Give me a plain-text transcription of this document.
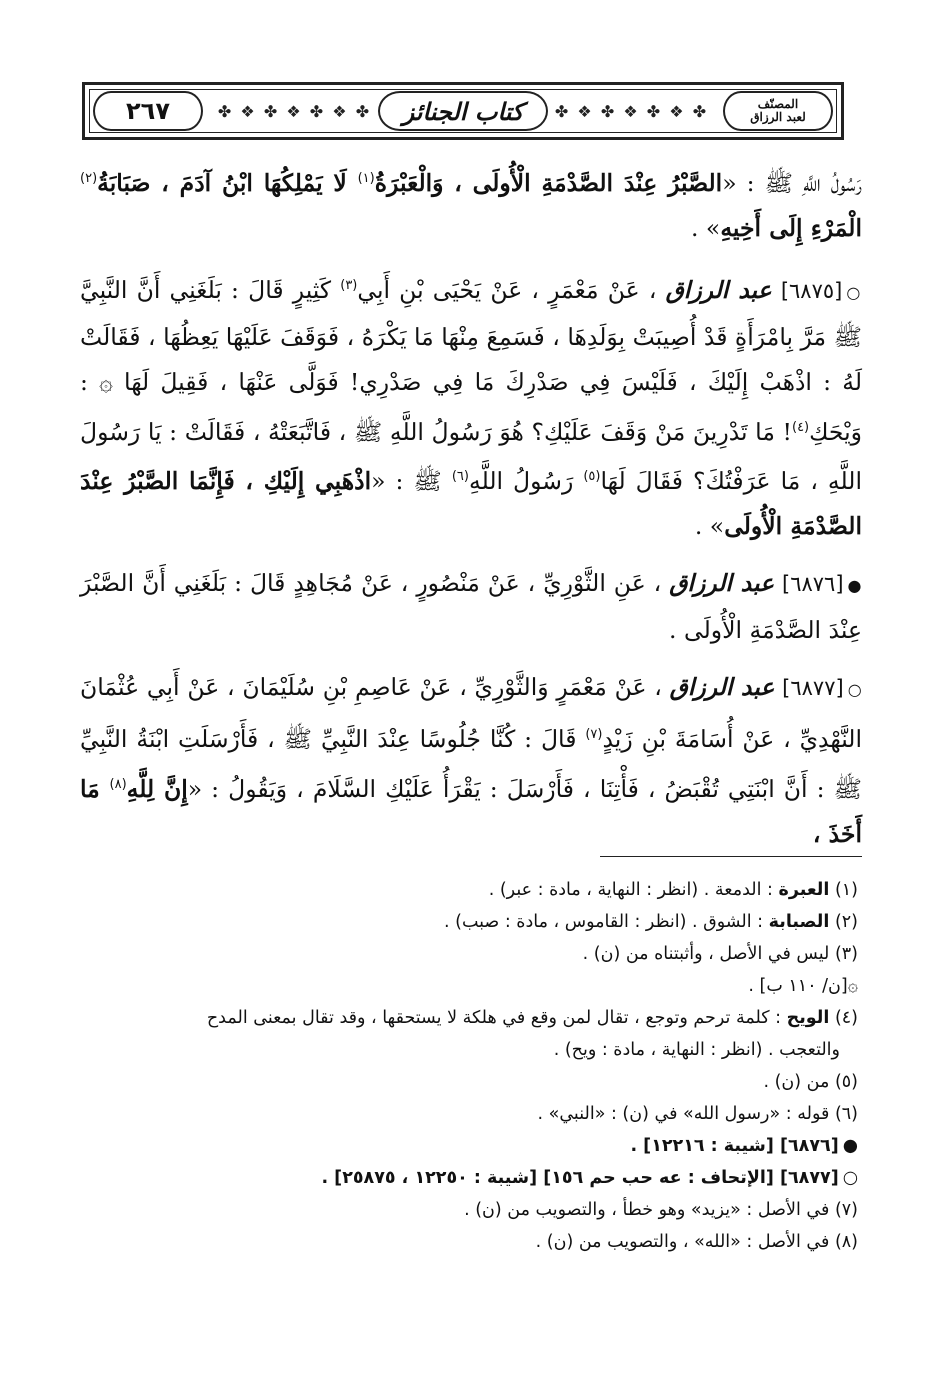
المصنّف
لعبد الرزاق
✤ ❖ ✤ ❖ ✤ ❖ ✤
كتاب الجنائز
✤ ❖ ✤ ❖ ✤ ❖ ✤
٢٦٧

رَسُولُ اللَّهِ ﷺ : «الصَّبْرُ عِنْدَ الصَّدْمَةِ الْأُولَى ، وَالْعَبْرَةُ$^{(١)}$ لَا يَمْلِكُهَا ابْنُ آدَمَ ، صَبَابَةُ$^{(٢)}$ الْمَرْءِ إِلَى أَخِيهِ» .

○[٦٨٧٥] عبد الرزاق ، عَنْ مَعْمَرٍ ، عَنْ يَحْيَى بْنِ أَبِي$^{(٣)}$ كَثِيرٍ قَالَ : بَلَغَنِي أَنَّ النَّبِيَّ ﷺ مَرَّ بِامْرَأَةٍ قَدْ أُصِيبَتْ بِوَلَدِهَا ، فَسَمِعَ مِنْهَا مَا يَكْرَهُ ، فَوَقَفَ عَلَيْهَا يَعِظُهَا ، فَقَالَتْ لَهُ : اذْهَبْ إِلَيْكَ ، فَلَيْسَ فِي صَدْرِكَ مَا فِي صَدْرِي! فَوَلَّى عَنْهَا ، فَقِيلَ لَهَا ۞ : وَيْحَكِ$^{(٤)}$! مَا تَدْرِينَ مَنْ وَقَفَ عَلَيْكِ؟ هُوَ رَسُولُ اللَّهِ ﷺ ، فَاتَّبَعَتْهُ ، فَقَالَتْ : يَا رَسُولَ اللَّهِ ، مَا عَرَفْتُكَ؟ فَقَالَ لَهَا$^{(٥)}$ رَسُولُ اللَّهِ$^{(٦)}$ ﷺ : «اذْهَبِي إِلَيْكِ ، فَإِنَّمَا الصَّبْرُ عِنْدَ الصَّدْمَةِ الْأُولَى» .

●[٦٨٧٦] عبد الرزاق ، عَنِ الثَّوْرِيِّ ، عَنْ مَنْصُورٍ ، عَنْ مُجَاهِدٍ قَالَ : بَلَغَنِي أَنَّ الصَّبْرَ عِنْدَ الصَّدْمَةِ الْأُولَى .

○[٦٨٧٧] عبد الرزاق ، عَنْ مَعْمَرٍ وَالثَّوْرِيِّ ، عَنْ عَاصِمِ بْنِ سُلَيْمَانَ ، عَنْ أَبِي عُثْمَانَ النَّهْدِيِّ ، عَنْ أُسَامَةَ بْنِ زَيْدٍ$^{(٧)}$ قَالَ : كُنَّا جُلُوسًا عِنْدَ النَّبِيِّ ﷺ ، فَأَرْسَلَتِ ابْنَةُ النَّبِيِّ ﷺ : أَنَّ ابْنَتِي تُقْبَضُ ، فَأْتِنَا ، فَأَرْسَلَ : يَقْرَأُ عَلَيْكِ السَّلَامَ ، وَيَقُولُ : «إِنَّ لِلَّهِ$^{(٨)}$ مَا أَخَذَ ،

(١) العبرة : الدمعة . (انظر : النهاية ، مادة : عبر) .

(٢) الصبابة : الشوق . (انظر : القاموس ، مادة : صبب) .

(٣) ليس في الأصل ، وأثبتناه من (ن) .

۞[ن/ ١١٠ ب] .

(٤) الويح : كلمة ترحم وتوجع ، تقال لمن وقع في هلكة لا يستحقها ، وقد تقال بمعنى المدح
والتعجب . (انظر : النهاية ، مادة : ويح) .

(٥) من (ن) .

(٦) قوله : «رسول الله» في (ن) : «النبي» .

●[٦٨٧٦] [شيبة : ١٢٢١٦] .

○[٦٨٧٧] [الإتحاف : عه حب حم ١٥٦] [شيبة : ١٢٢٥٠ ، ٢٥٨٧٥] .

(٧) في الأصل : «يزيد» وهو خطأ ، والتصويب من (ن) .

(٨) في الأصل : «الله» ، والتصويب من (ن) .
